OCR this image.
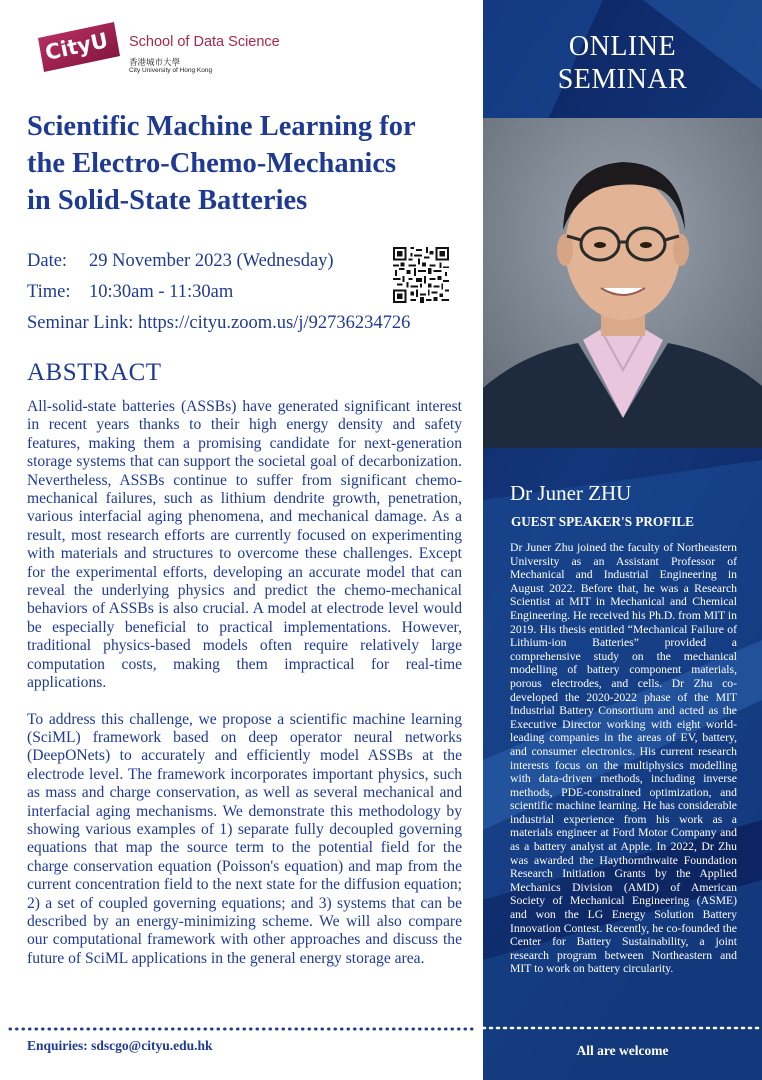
CityU School of Data Science
香港城市大學
City University of Hong Kong
Scientific Machine Learning for
the Electro-Chemo-Mechanics
in Solid-State Batteries
Date: 29 November 2023 (Wednesday)
Time: 10:30am - 11:30am
Seminar Link: https://cityu.zoom.us/j/92736234726
ABSTRACT

All-solid-state batteries (ASSBs) have generated significant interest in recent years thanks to their high energy density and safety features, making them a promising candidate for next-generation storage systems that can support the societal goal of decarbonization. Nevertheless, ASSBs continue to suffer from significant chemo-mechanical failures, such as lithium dendrite growth, penetration, various interfacial aging phenomena, and mechanical damage. As a result, most research efforts are currently focused on experimenting with materials and structures to overcome these challenges. Except for the experimental efforts, developing an accurate model that can reveal the underlying physics and predict the chemo-mechanical behaviors of ASSBs is also crucial. A model at electrode level would be especially beneficial to practical implementations. However, traditional physics-based models often require relatively large computation costs, making them impractical for real-time applications.

To address this challenge, we propose a scientific machine learning (SciML) framework based on deep operator neural networks (DeepONets) to accurately and efficiently model ASSBs at the electrode level. The framework incorporates important physics, such as mass and charge conservation, as well as several mechanical and interfacial aging mechanisms. We demonstrate this methodology by showing various examples of 1) separate fully decoupled governing equations that map the source term to the potential field for the charge conservation equation (Poisson's equation) and map from the current concentration field to the next state for the diffusion equation; 2) a set of coupled governing equations; and 3) systems that can be described by an energy-minimizing scheme. We will also compare our computational framework with other approaches and discuss the future of SciML applications in the general energy storage area.

ONLINE
SEMINAR
Dr Juner ZHU
GUEST SPEAKER'S PROFILE
Dr Juner Zhu joined the faculty of Northeastern University as an Assistant Professor of Mechanical and Industrial Engineering in August 2022. Before that, he was a Research Scientist at MIT in Mechanical and Chemical Engineering. He received his Ph.D. from MIT in 2019. His thesis entitled “Mechanical Failure of Lithium-ion Batteries” provided a comprehensive study on the mechanical modelling of battery component materials, porous electrodes, and cells. Dr Zhu co-developed the 2020-2022 phase of the MIT Industrial Battery Consortium and acted as the Executive Director working with eight world-leading companies in the areas of EV, battery, and consumer electronics. His current research interests focus on the multiphysics modelling with data-driven methods, including inverse methods, PDE-constrained optimization, and scientific machine learning. He has considerable industrial experience from his work as a materials engineer at Ford Motor Company and as a battery analyst at Apple. In 2022, Dr Zhu was awarded the Haythornthwaite Foundation Research Initiation Grants by the Applied Mechanics Division (AMD) of American Society of Mechanical Engineering (ASME) and won the LG Energy Solution Battery Innovation Contest. Recently, he co-founded the Center for Battery Sustainability, a joint research program between Northeastern and MIT to work on battery circularity.
All are welcome
Enquiries: sdscgo@cityu.edu.hk
